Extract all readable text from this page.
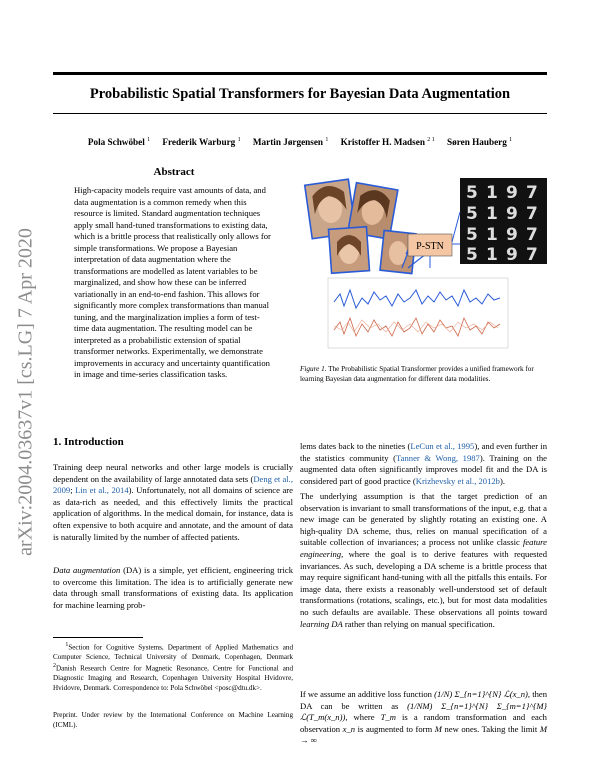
Probabilistic Spatial Transformers for Bayesian Data Augmentation
Pola Schwöbel $^1$ Frederik Warburg $^1$ Martin Jørgensen $^1$ Kristoffer H. Madsen $^{2 1}$ Søren Hauberg $^1$
arXiv:2004.03637v1 [cs.LG] 7 Apr 2020
Abstract
High-capacity models require vast amounts of data, and data augmentation is a common remedy when this resource is limited. Standard augmentation techniques apply small hand-tuned transformations to existing data, which is a brittle process that realistically only allows for simple transformations. We propose a Bayesian interpretation of data augmentation where the transformations are modelled as latent variables to be marginalized, and show how these can be inferred variationally in an end-to-end fashion. This allows for significantly more complex transformations than manual tuning, and the marginalization implies a form of test-time data augmentation. The resulting model can be interpreted as a probabilistic extension of spatial transformer networks. Experimentally, we demonstrate improvements in accuracy and uncertainty quantification in image and time-series classification tasks.
P-STN
5 1 9 7
5 1 9 7
5 1 9 7
5 1 9 7
Figure 1. The Probabilistic Spatial Transformer provides a unified framework for learning Bayesian data augmentation for different data modalities.
1. Introduction

Training deep neural networks and other large models is crucially dependent on the availability of large annotated data sets (Deng et al., 2009; Lin et al., 2014). Unfortunately, not all domains of science are as data-rich as needed, and this effectively limits the practical application of algorithms. In the medical domain, for instance, data is often expensive to both acquire and annotate, and the amount of data is naturally limited by the number of affected patients.

Data augmentation (DA) is a simple, yet efficient, engineering trick to overcome this limitation. The idea is to artificially generate new data through small transformations of existing data. Its application for machine learning prob-

$^1$Section for Cognitive Systems, Department of Applied Mathematics and Computer Science, Technical University of Denmark, Copenhagen, Denmark $^2$Danish Research Centre for Magnetic Resonance, Centre for Functional and Diagnostic Imaging and Research, Copenhagen University Hospital Hvidovre, Hvidovre, Denmark. Correspondence to: Pola Schwöbel <posc@dtu.dk>.

Preprint. Under review by the International Conference on Machine Learning (ICML).

lems dates back to the nineties (LeCun et al., 1995), and even further in the statistics community (Tanner & Wong, 1987). Training on the augmented data often significantly improves model fit and the DA is considered part of good practice (Krizhevsky et al., 2012b).

The underlying assumption is that the target prediction of an observation is invariant to small transformations of the input, e.g. that a new image can be generated by slightly rotating an existing one. A high-quality DA scheme, thus, relies on manual specification of a suitable collection of invariances; a process not unlike classic feature engineering, where the goal is to derive features with requested invariances. As such, developing a DA scheme is a brittle process that may require significant hand-tuning with all the pitfalls this entails. For image data, there exists a reasonably well-understood set of default transformations (rotations, scalings, etc.), but for most data modalities no such defaults are available. These observations all points toward learning DA rather than relying on manual specification.

If we assume an additive loss function (1/N) Σ_{n=1}^{N} ℒ(x_n), then DA can be written as (1/NM) Σ_{n=1}^{N} Σ_{m=1}^{M} ℒ(T_m(x_n)), where T_m is a random transformation and each observation x_n is augmented to form M new ones. Taking the limit M → ∞
